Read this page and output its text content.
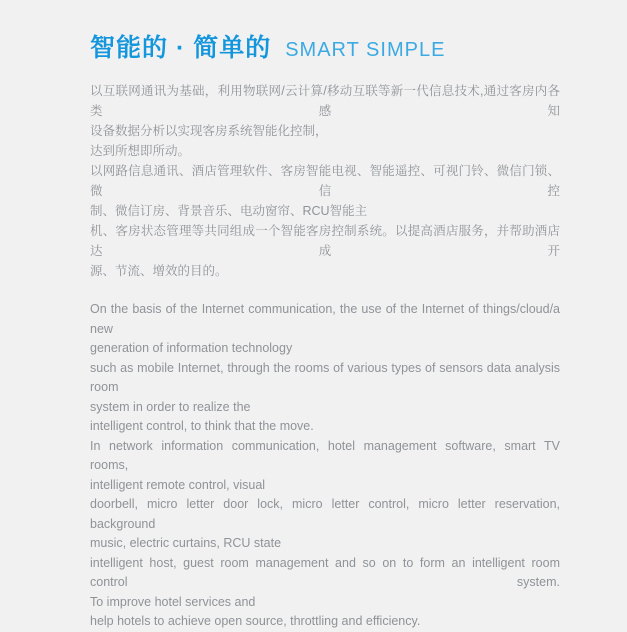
智能的 · 简单的 SMART SIMPLE
以互联网通讯为基础，利用物联网/云计算/移动互联等新一代信息技术,通过客房内各类感知
设备数据分析以实现客房系统智能化控制，
达到所想即所动。
以网路信息通讯、酒店管理软件、客房智能电视、智能遥控、可视门铃、微信门锁、微信控
制、微信订房、背景音乐、电动窗帘、RCU智能主
机、客房状态管理等共同组成一个智能客房控制系统。以提高酒店服务，并帮助酒店达成开
源、节流、增效的目的。
On the basis of the Internet communication, the use of the Internet of things/cloud/a new
generation of information technology
such as mobile Internet, through the rooms of various types of sensors data analysis room
system in order to realize the
intelligent control, to think that the move.
In network information communication, hotel management software, smart TV rooms,
intelligent remote control, visual
doorbell, micro letter door lock, micro letter control, micro letter reservation, background
music, electric curtains, RCU state
intelligent host, guest room management and so on to form an intelligent room control system.
To improve hotel services and
help hotels to achieve open source, throttling and efficiency.
